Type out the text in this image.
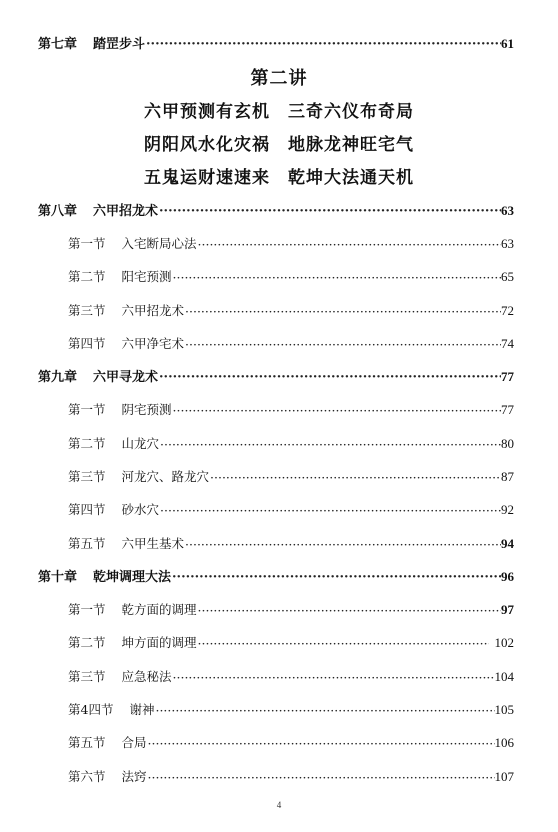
第七章 踏罡步斗 ·····	61
第二讲
六甲预测有玄机 三奇六仪布奇局
阴阳风水化灾祸 地脉龙神旺宅气
五鬼运财速速来 乾坤大法通天机
第八章 六甲招龙术 ·····	63
第一节 入宅断局心法 ·····	63
第二节 阳宅预测 ·····	65
第三节 六甲招龙术 ·····	72
第四节 六甲净宅术 ·····	74
第九章 六甲寻龙术 ·····	77
第一节 阴宅预测 ·····	77
第二节 山龙穴 ·····	80
第三节 河龙穴、路龙穴 ·····	87
第四节 砂水穴 ·····	92
第五节 六甲生基术 ·····	94
第十章 乾坤调理大法 ·····	96
第一节 乾方面的调理 ·····	97
第二节 坤方面的调理 ·····	102
第三节 应急秘法 ·····	104
第4四节 谢神 ·····	105
第五节 合局 ·····	106
第六节 法窍 ·····	107
4
